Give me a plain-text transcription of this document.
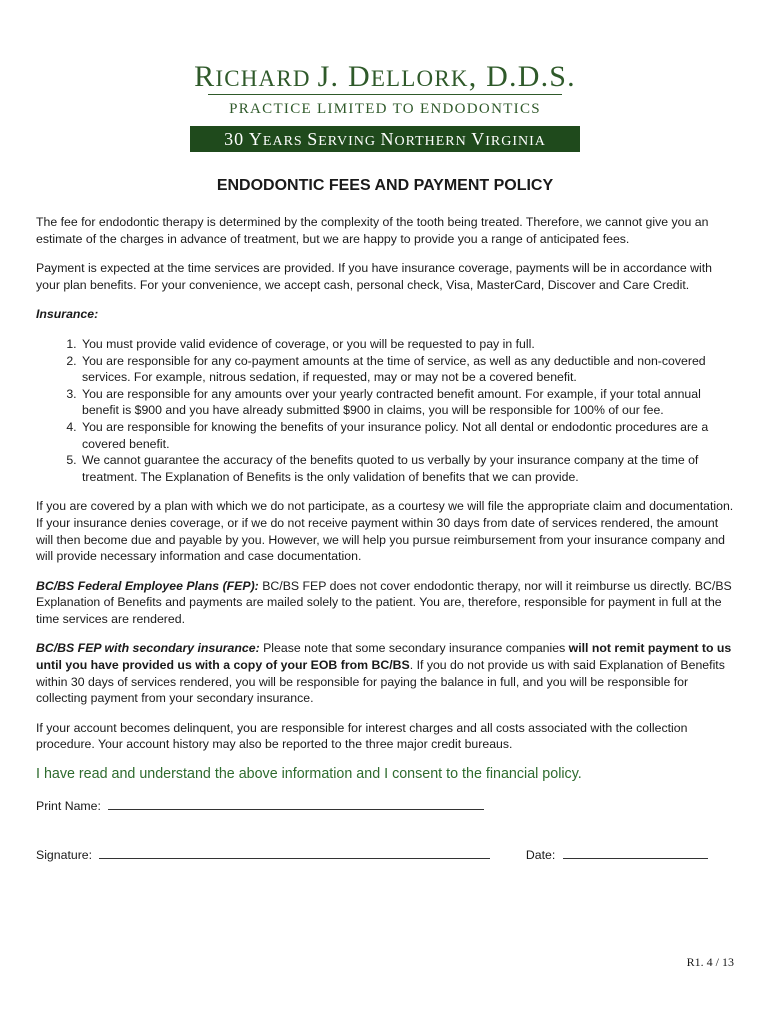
RICHARD J. DELLORK, D.D.S.
PRACTICE LIMITED TO ENDODONTICS
30 YEARS SERVING NORTHERN VIRGINIA
ENDODONTIC FEES AND PAYMENT POLICY

The fee for endodontic therapy is determined by the complexity of the tooth being treated. Therefore, we cannot give you an estimate of the charges in advance of treatment, but we are happy to provide you a range of anticipated fees.

Payment is expected at the time services are provided. If you have insurance coverage, payments will be in accordance with your plan benefits. For your convenience, we accept cash, personal check, Visa, MasterCard, Discover and Care Credit.

Insurance:
1. You must provide valid evidence of coverage, or you will be requested to pay in full.
2. You are responsible for any co-payment amounts at the time of service, as well as any deductible and non-covered services. For example, nitrous sedation, if requested, may or may not be a covered benefit.
3. You are responsible for any amounts over your yearly contracted benefit amount. For example, if your total annual benefit is $900 and you have already submitted $900 in claims, you will be responsible for 100% of our fee.
4. You are responsible for knowing the benefits of your insurance policy. Not all dental or endodontic procedures are a covered benefit.
5. We cannot guarantee the accuracy of the benefits quoted to us verbally by your insurance company at the time of treatment. The Explanation of Benefits is the only validation of benefits that we can provide.

If you are covered by a plan with which we do not participate, as a courtesy we will file the appropriate claim and documentation. If your insurance denies coverage, or if we do not receive payment within 30 days from date of services rendered, the amount will then become due and payable by you. However, we will help you pursue reimbursement from your insurance company and will provide necessary information and case documentation.

BC/BS Federal Employee Plans (FEP): BC/BS FEP does not cover endodontic therapy, nor will it reimburse us directly. BC/BS Explanation of Benefits and payments are mailed solely to the patient. You are, therefore, responsible for payment in full at the time services are rendered.

BC/BS FEP with secondary insurance: Please note that some secondary insurance companies will not remit payment to us until you have provided us with a copy of your EOB from BC/BS. If you do not provide us with said Explanation of Benefits within 30 days of services rendered, you will be responsible for paying the balance in full, and you will be responsible for collecting payment from your secondary insurance.

If your account becomes delinquent, you are responsible for interest charges and all costs associated with the collection procedure. Your account history may also be reported to the three major credit bureaus.

I have read and understand the above information and I consent to the financial policy.
Print Name:
Signature:	Date:
R1. 4 / 13
